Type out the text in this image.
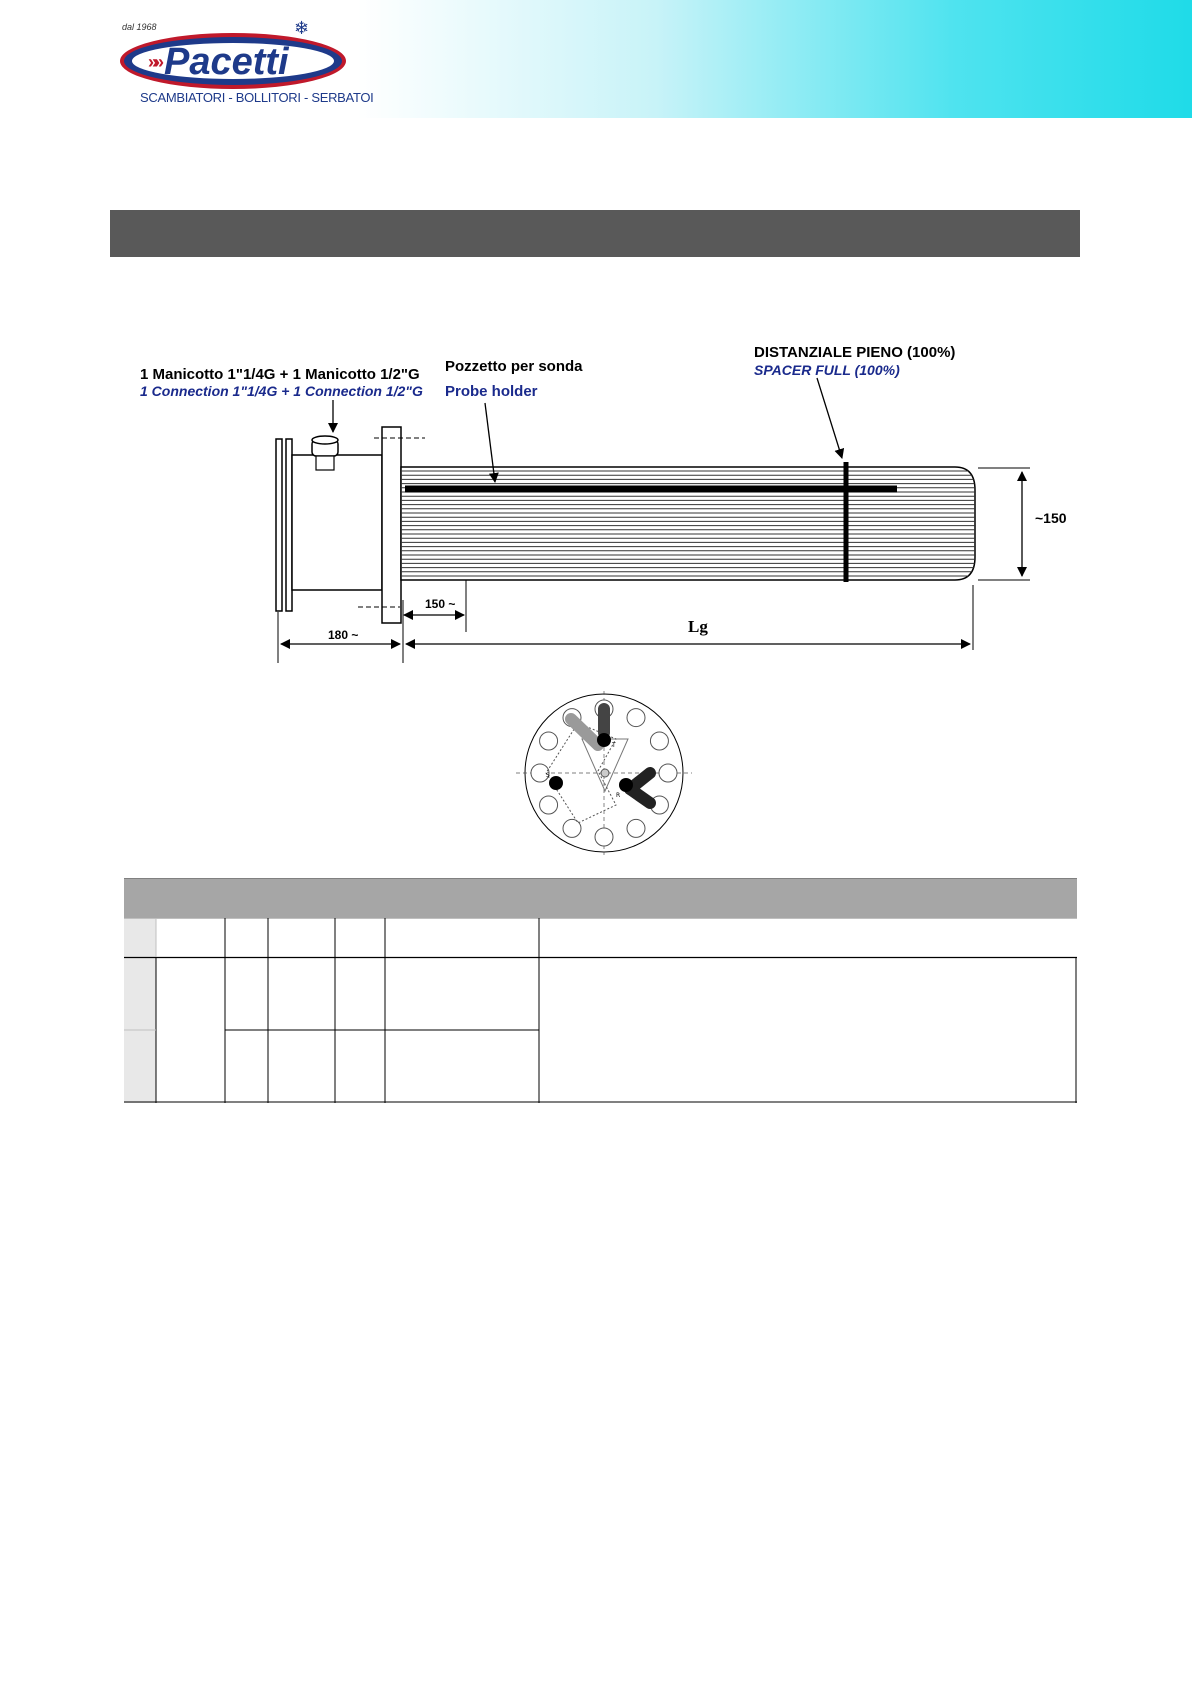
dal 1968
»» Pacetti
❄
SCAMBIATORI - BOLLITORI - SERBATOI
1 Manicotto 1"1/4G + 1 Manicotto 1/2"G
1 Connection 1"1/4G + 1 Connection 1/2"G
Pozzetto per sonda
Probe holder
DISTANZIALE PIENO (100%)
SPACER FULL (100%)
~150
150 ~
180 ~	Lg
T
S
R
